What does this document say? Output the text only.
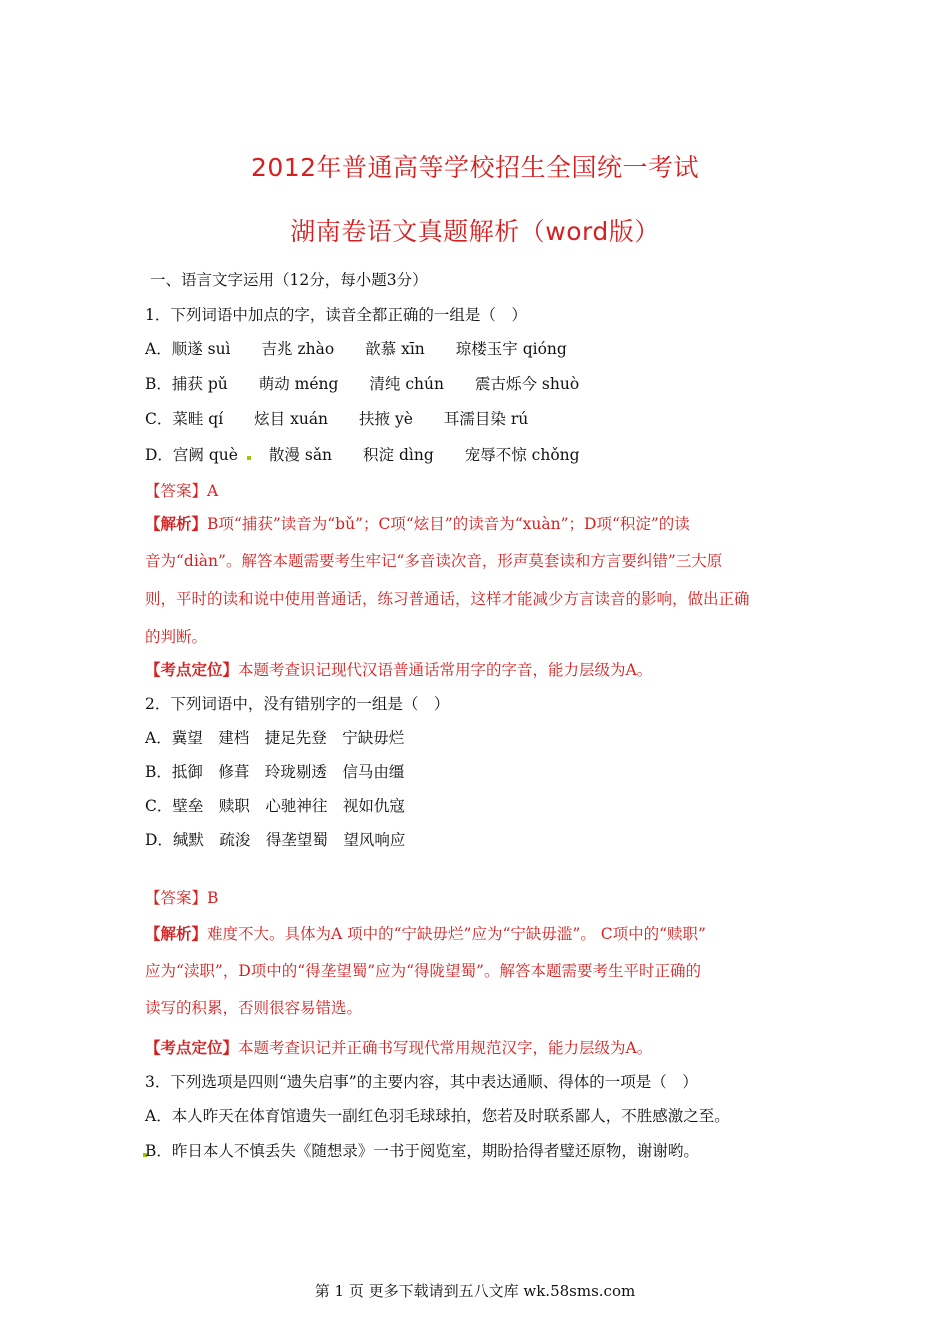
2012年普通高等学校招生全国统一考试
湖南卷语文真题解析（word版）
一、语言文字运用（12分，每小题3分）
1．下列词语中加点的字，读音全都正确的一组是（　）
A．顺遂 suì　　吉兆 zhào　　歆慕 xīn　　琼楼玉宇 qióng
B．捕获 pǔ　　萌动 méng　　清纯 chún　　震古烁今 shuò
C．菜畦 qí　　炫目 xuán　　扶掖 yè　　耳濡目染 rú
D．宫阙 què　　散漫 sǎn　　积淀 dìng　　宠辱不惊 chǒng
【答案】A
【解析】B项“捕获”读音为“bǔ”；C项“炫目”的读音为“xuàn”；D项“积淀”的读
音为“diàn”。解答本题需要考生牢记“多音读次音，形声莫套读和方言要纠错”三大原
则，平时的读和说中使用普通话，练习普通话，这样才能减少方言读音的影响，做出正确
的判断。
【考点定位】本题考查识记现代汉语普通话常用字的字音，能力层级为A。
2．下列词语中，没有错别字的一组是（　）
A．冀望　建档　捷足先登　宁缺毋烂
B．抵御　修葺　玲珑剔透　信马由缰
C．壁垒　赎职　心驰神往　视如仇寇
D．缄默　疏浚　得垄望蜀　望风响应
【答案】B
【解析】难度不大。具体为A 项中的“宁缺毋烂”应为“宁缺毋滥”。 C项中的“赎职”
应为“渎职”，D项中的“得垄望蜀”应为“得陇望蜀”。解答本题需要考生平时正确的
读写的积累，否则很容易错选。
【考点定位】本题考查识记并正确书写现代常用规范汉字，能力层级为A。
3．下列选项是四则“遗失启事”的主要内容，其中表达通顺、得体的一项是（　）
A．本人昨天在体育馆遗失一副红色羽毛球球拍，您若及时联系鄙人，不胜感激之至。
B．昨日本人不慎丢失《随想录》一书于阅览室，期盼拾得者璧还原物，谢谢哟。
第 1 页 更多下载请到五八文库 wk.58sms.com
